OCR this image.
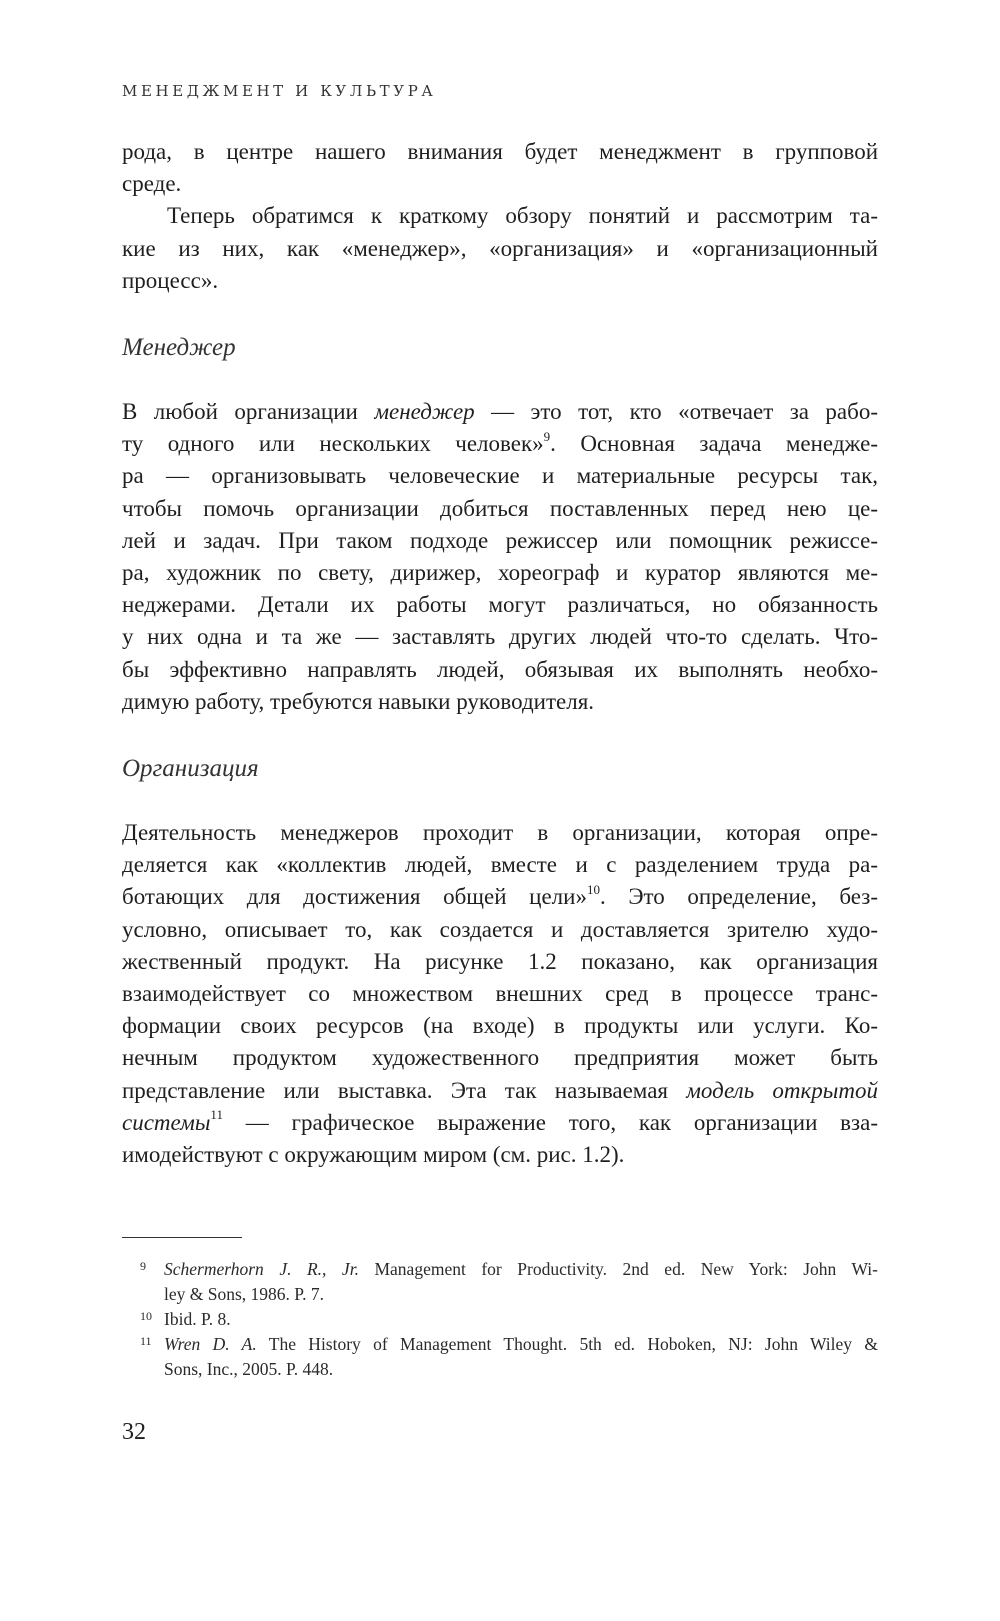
МЕНЕДЖМЕНТ И КУЛЬТУРА
рода, в центре нашего внимания будет менеджмент в групповой
среде.
Теперь обратимся к краткому обзору понятий и рассмотрим та-
кие из них, как «менеджер», «организация» и «организационный
процесс».
Менеджер
В любой организации менеджер — это тот, кто «отвечает за рабо-
ту одного или нескольких человек»$^9$. Основная задача менедже-
ра — организовывать человеческие и материальные ресурсы так,
чтобы помочь организации добиться поставленных перед нею це-
лей и задач. При таком подходе режиссер или помощник режиссе-
ра, художник по свету, дирижер, хореограф и куратор являются ме-
неджерами. Детали их работы могут различаться, но обязанность
у них одна и та же — заставлять других людей что-то сделать. Что-
бы эффективно направлять людей, обязывая их выполнять необхо-
димую работу, требуются навыки руководителя.
Организация
Деятельность менеджеров проходит в организации, которая опре-
деляется как «коллектив людей, вместе и с разделением труда ра-
ботающих для достижения общей цели»$^{10}$. Это определение, без-
условно, описывает то, как создается и доставляется зрителю худо-
жественный продукт. На рисунке 1.2 показано, как организация
взаимодействует со множеством внешних сред в процессе транс-
формации своих ресурсов (на входе) в продукты или услуги. Ко-
нечным продуктом художественного предприятия может быть
представление или выставка. Эта так называемая модель открытой
системы$^{11}$ — графическое выражение того, как организации вза-
имодействуют с окружающим миром (см. рис. 1.2).
9 Schermerhorn J. R., Jr. Management for Productivity. 2nd ed. New York: John Wi-
ley & Sons, 1986. P. 7.
10 Ibid. P. 8.
11 Wren D. A. The History of Management Thought. 5th ed. Hoboken, NJ: John Wiley &
Sons, Inc., 2005. P. 448.
32
